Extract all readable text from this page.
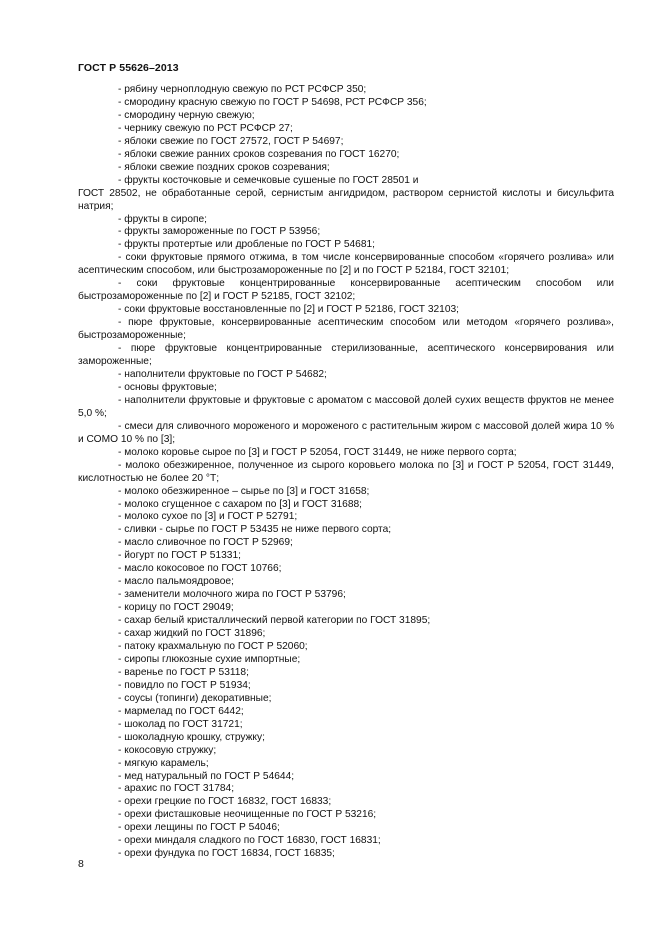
ГОСТ Р 55626–2013

- рябину черноплодную свежую по РСТ РСФСР 350;

- смородину красную свежую по ГОСТ Р 54698, РСТ РСФСР 356;

- смородину черную свежую;

- чернику свежую по РСТ РСФСР 27;

- яблоки свежие по ГОСТ 27572, ГОСТ Р 54697;

- яблоки свежие ранних сроков созревания по ГОСТ 16270;

- яблоки свежие поздних сроков созревания;

- фрукты косточковые и семечковые сушеные по ГОСТ 28501 и

ГОСТ 28502, не обработанные серой, сернистым ангидридом, раствором сернистой кислоты и бисульфита натрия;

- фрукты в сиропе;

- фрукты замороженные по ГОСТ Р 53956;

- фрукты протертые или дробленые по ГОСТ Р 54681;

- соки фруктовые прямого отжима, в том числе консервированные способом «горячего розлива» или асептическим способом, или быстрозамороженные по [2] и по ГОСТ Р 52184, ГОСТ 32101;

- соки фруктовые концентрированные консервированные асептическим способом или быстрозамороженные по [2] и ГОСТ Р 52185, ГОСТ 32102;

- соки фруктовые восстановленные по [2] и ГОСТ Р 52186, ГОСТ 32103;

- пюре фруктовые, консервированные асептическим способом или методом «горячего розлива», быстрозамороженные;

- пюре фруктовые концентрированные стерилизованные, асептического консервирования или замороженные;

- наполнители фруктовые по ГОСТ Р 54682;

- основы фруктовые;

- наполнители фруктовые и фруктовые с ароматом с массовой долей сухих веществ фруктов не менее 5,0 %;

- смеси для сливочного мороженого и мороженого с растительным жиром с массовой долей жира 10 % и СОМО 10 % по [3];

- молоко коровье сырое по [3] и ГОСТ Р 52054, ГОСТ 31449, не ниже первого сорта;

- молоко обезжиренное, полученное из сырого коровьего молока по [3] и ГОСТ Р 52054, ГОСТ 31449, кислотностью не более 20 °Т;

- молоко обезжиренное – сырье по [3] и ГОСТ 31658;

- молоко сгущенное с сахаром по [3] и ГОСТ 31688;

- молоко сухое по [3] и ГОСТ Р 52791;

- сливки - сырье по ГОСТ Р 53435 не ниже первого сорта;

- масло сливочное по ГОСТ Р 52969;

- йогурт по ГОСТ Р 51331;

- масло кокосовое по ГОСТ 10766;

- масло пальмоядровое;

- заменители молочного жира по ГОСТ Р 53796;

- корицу по ГОСТ 29049;

- сахар белый кристаллический первой категории по ГОСТ 31895;

- сахар жидкий по ГОСТ 31896;

- патоку крахмальную по ГОСТ Р 52060;

- сиропы глюкозные сухие импортные;

- варенье по ГОСТ Р 53118;

- повидло по ГОСТ Р 51934;

- соусы (топинги) декоративные;

- мармелад по ГОСТ 6442;

- шоколад по ГОСТ 31721;

- шоколадную крошку, стружку;

- кокосовую стружку;

- мягкую карамель;

- мед натуральный по ГОСТ Р 54644;

- арахис по ГОСТ 31784;

- орехи грецкие по ГОСТ 16832, ГОСТ 16833;

- орехи фисташковые неочищенные по ГОСТ Р 53216;

- орехи лещины по ГОСТ Р 54046;

- орехи миндаля сладкого по ГОСТ 16830, ГОСТ 16831;

- орехи фундука по ГОСТ 16834, ГОСТ 16835;

8
